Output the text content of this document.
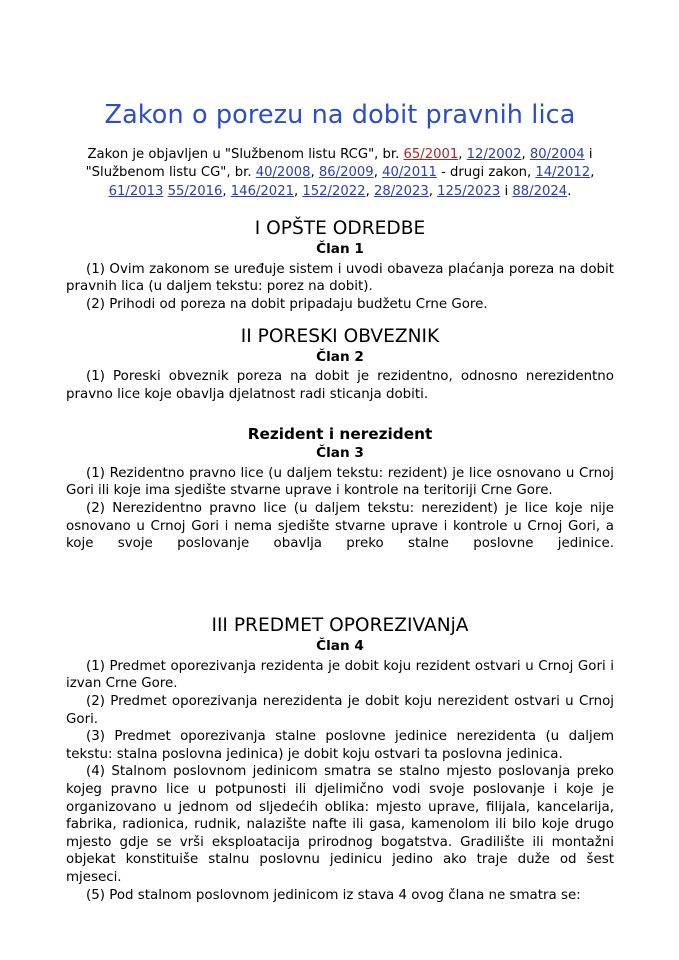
Zakon o porezu na dobit pravnih lica

Zakon je objavljen u "Službenom listu RCG", br. 65/2001, 12/2002, 80/2004 i "Službenom listu CG", br. 40/2008, 86/2009, 40/2011 - drugi zakon, 14/2012, 61/2013 55/2016, 146/2021, 152/2022, 28/2023, 125/2023 i 88/2024.

I OPŠTE ODREDBE
Član 1

(1) Ovim zakonom se uređuje sistem i uvodi obaveza plaćanja poreza na dobit pravnih lica (u daljem tekstu: porez na dobit).

(2) Prihodi od poreza na dobit pripadaju budžetu Crne Gore.

II PORESKI OBVEZNIK
Član 2

(1) Poreski obveznik poreza na dobit je rezidentno, odnosno nerezidentno pravno lice koje obavlja djelatnost radi sticanja dobiti.

Rezident i nerezident
Član 3

(1) Rezidentno pravno lice (u daljem tekstu: rezident) je lice osnovano u Crnoj Gori ili koje ima sjedište stvarne uprave i kontrole na teritoriji Crne Gore.

(2) Nerezidentno pravno lice (u daljem tekstu: nerezident) je lice koje nije osnovano u Crnoj Gori i nema sjedište stvarne uprave i kontrole u Crnoj Gori, a koje svoje poslovanje obavlja preko stalne poslovne jedinice.

III PREDMET OPOREZIVANјA
Član 4

(1) Predmet oporezivanja rezidenta je dobit koju rezident ostvari u Crnoj Gori i izvan Crne Gore.

(2) Predmet oporezivanja nerezidenta je dobit koju nerezident ostvari u Crnoj Gori.

(3) Predmet oporezivanja stalne poslovne jedinice nerezidenta (u daljem tekstu: stalna poslovna jedinica) je dobit koju ostvari ta poslovna jedinica.

(4) Stalnom poslovnom jedinicom smatra se stalno mjesto poslovanja preko kojeg pravno lice u potpunosti ili djelimično vodi svoje poslovanje i koje je organizovano u jednom od sljedećih oblika: mjesto uprave, filijala, kancelarija, fabrika, radionica, rudnik, nalazište nafte ili gasa, kamenolom ili bilo koje drugo mjesto gdje se vrši eksploatacija prirodnog bogatstva. Gradilište ili montažni objekat konstituiše stalnu poslovnu jedinicu jedino ako traje duže od šest mjeseci.

(5) Pod stalnom poslovnom jedinicom iz stava 4 ovog člana ne smatra se:
